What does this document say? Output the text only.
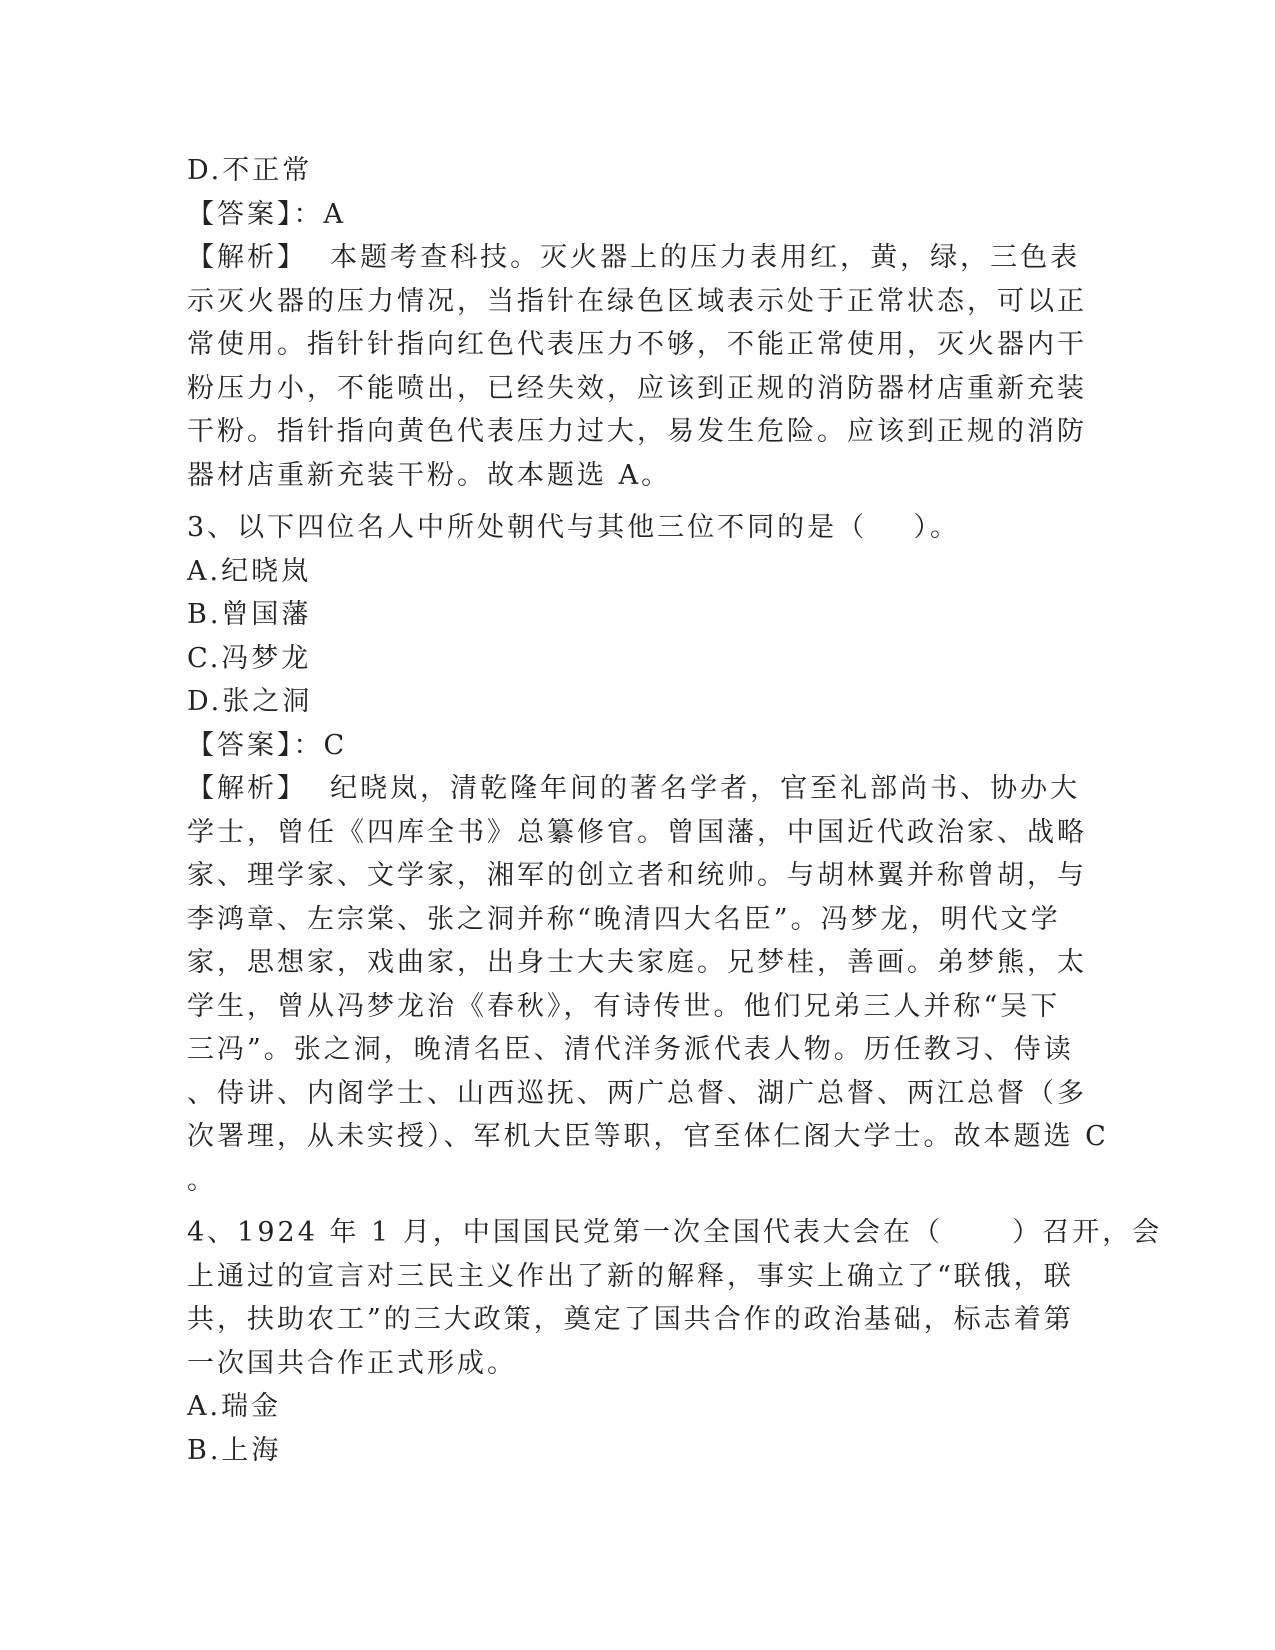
D.不正常
【答案】：A
【解析】 本题考查科技。灭火器上的压力表用红，黄，绿，三色表
示灭火器的压力情况，当指针在绿色区域表示处于正常状态，可以正
常使用。指针针指向红色代表压力不够，不能正常使用，灭火器内干
粉压力小，不能喷出，已经失效，应该到正规的消防器材店重新充装
干粉。指针指向黄色代表压力过大，易发生危险。应该到正规的消防
器材店重新充装干粉。故本题选 A。
3、以下四位名人中所处朝代与其他三位不同的是（    ）。
A.纪晓岚
B.曾国藩
C.冯梦龙
D.张之洞
【答案】：C
【解析】 纪晓岚，清乾隆年间的著名学者，官至礼部尚书、协办大
学士，曾任《四库全书》总纂修官。曾国藩，中国近代政治家、战略
家、理学家、文学家，湘军的创立者和统帅。与胡林翼并称曾胡，与
李鸿章、左宗棠、张之洞并称“晚清四大名臣”。冯梦龙，明代文学
家，思想家，戏曲家，出身士大夫家庭。兄梦桂，善画。弟梦熊，太
学生，曾从冯梦龙治《春秋》，有诗传世。他们兄弟三人并称“吴下
三冯”。张之洞，晚清名臣、清代洋务派代表人物。历任教习、侍读
、侍讲、内阁学士、山西巡抚、两广总督、湖广总督、两江总督（多
次署理，从未实授）、军机大臣等职，官至体仁阁大学士。故本题选 C
。
4、1924 年 1 月，中国国民党第一次全国代表大会在（      ）召开，会
上通过的宣言对三民主义作出了新的解释，事实上确立了“联俄，联
共，扶助农工”的三大政策，奠定了国共合作的政治基础，标志着第
一次国共合作正式形成。
A.瑞金
B.上海
